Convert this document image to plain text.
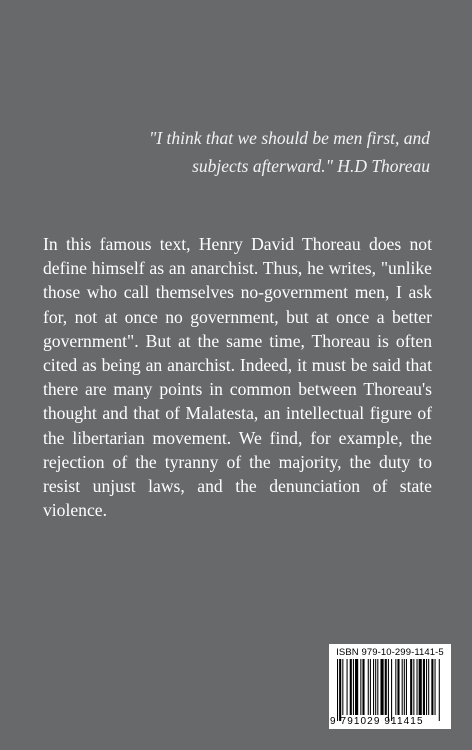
"I think that we should be men first, and
subjects afterward." H.D Thoreau
In this famous text, Henry David Thoreau does not define himself as an anarchist. Thus, he writes, "unlike those who call themselves no-government men, I ask for, not at once no government, but at once a better government". But at the same time, Thoreau is often cited as being an anarchist. Indeed, it must be said that there are many points in common between Thoreau's thought and that of Malatesta, an intellectual figure of the libertarian movement. We find, for example, the rejection of the tyranny of the majority, the duty to resist unjust laws, and the denunciation of state violence.
ISBN 979-10-299-1141-5
9 791029 911415
